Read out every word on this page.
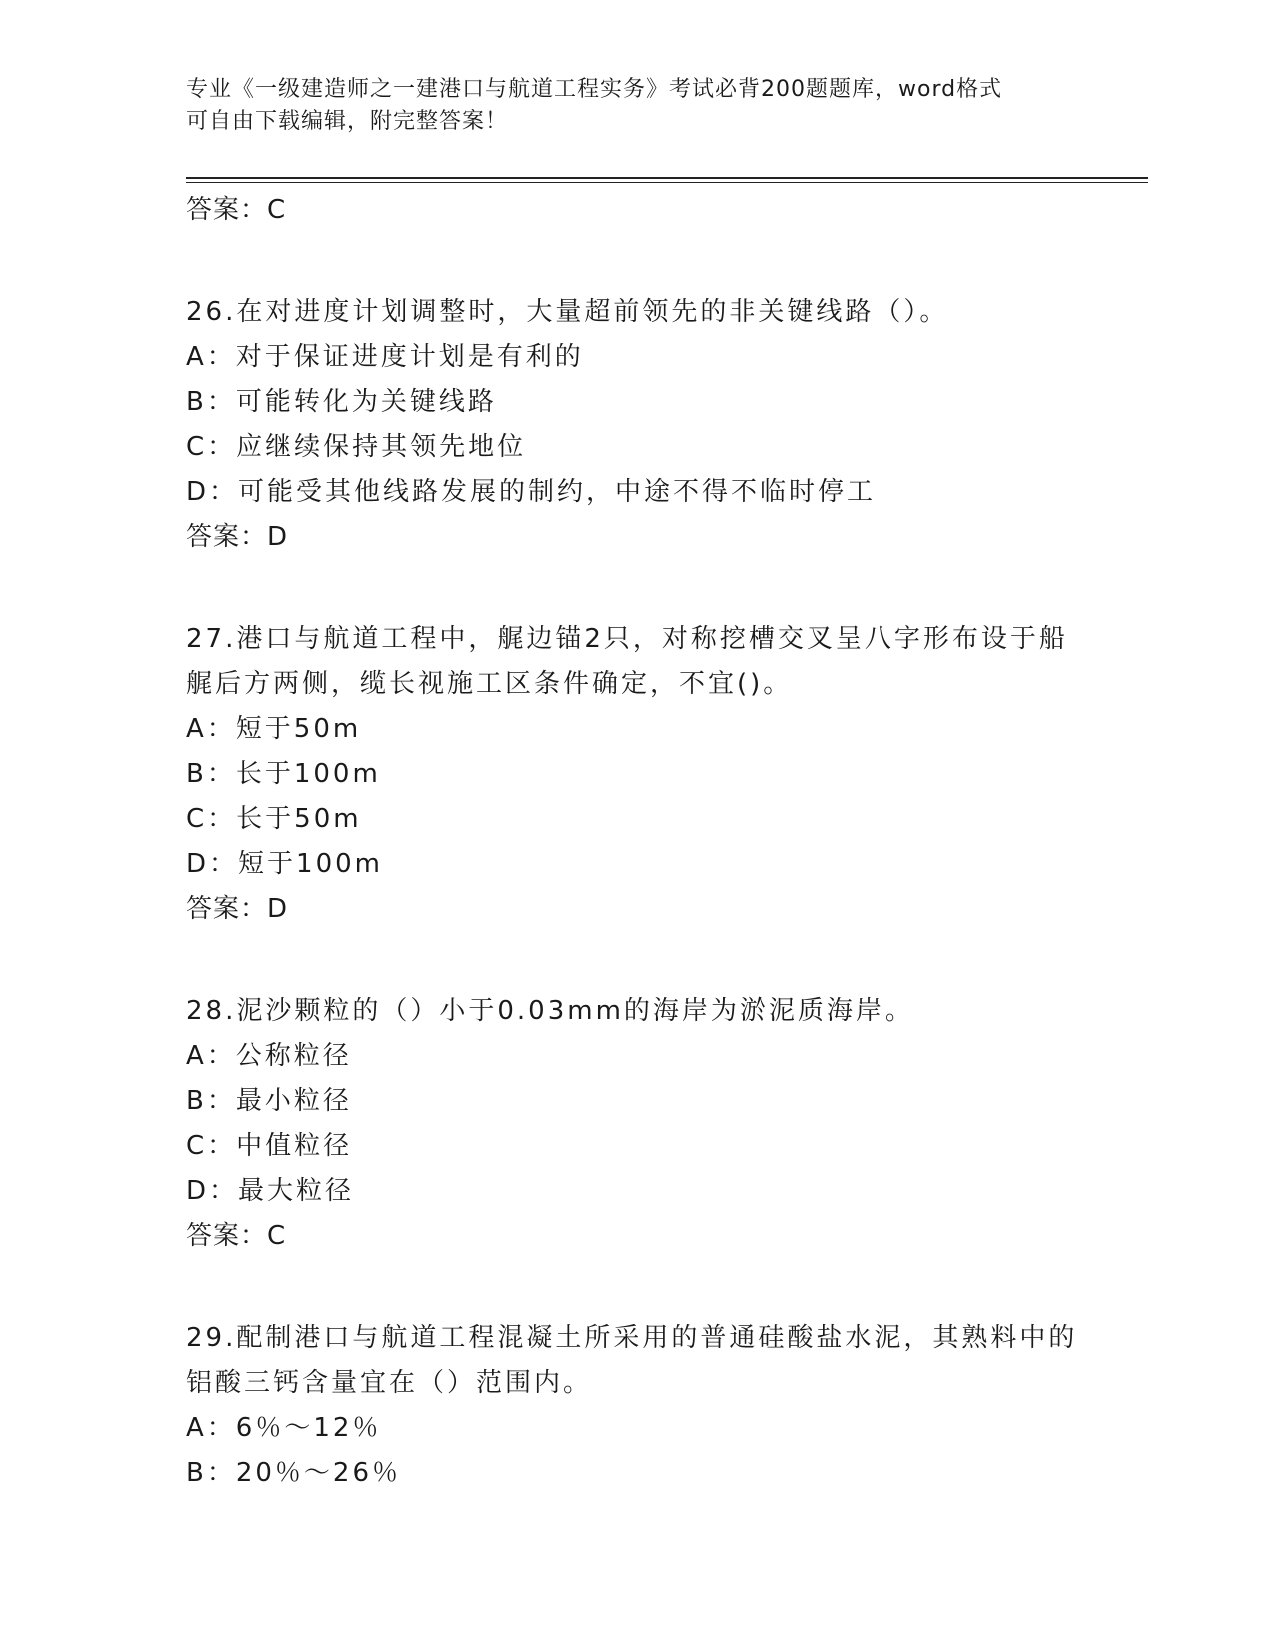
专业《一级建造师之一建港口与航道工程实务》考试必背200题题库，word格式
可自由下载编辑，附完整答案！
答案：C
26.在对进度计划调整时，大量超前领先的非关键线路（）。
A：对于保证进度计划是有利的
B：可能转化为关键线路
C：应继续保持其领先地位
D：可能受其他线路发展的制约，中途不得不临时停工
答案：D
27.港口与航道工程中，艉边锚2只，对称挖槽交叉呈八字形布设于船
艉后方两侧，缆长视施工区条件确定，不宜()。
A：短于50m
B：长于100m
C：长于50m
D：短于100m
答案：D
28.泥沙颗粒的（）小于0.03mm的海岸为淤泥质海岸。
A：公称粒径
B：最小粒径
C：中值粒径
D：最大粒径
答案：C
29.配制港口与航道工程混凝土所采用的普通硅酸盐水泥，其熟料中的
铝酸三钙含量宜在（）范围内。
A：6％～12％
B：20％～26％
